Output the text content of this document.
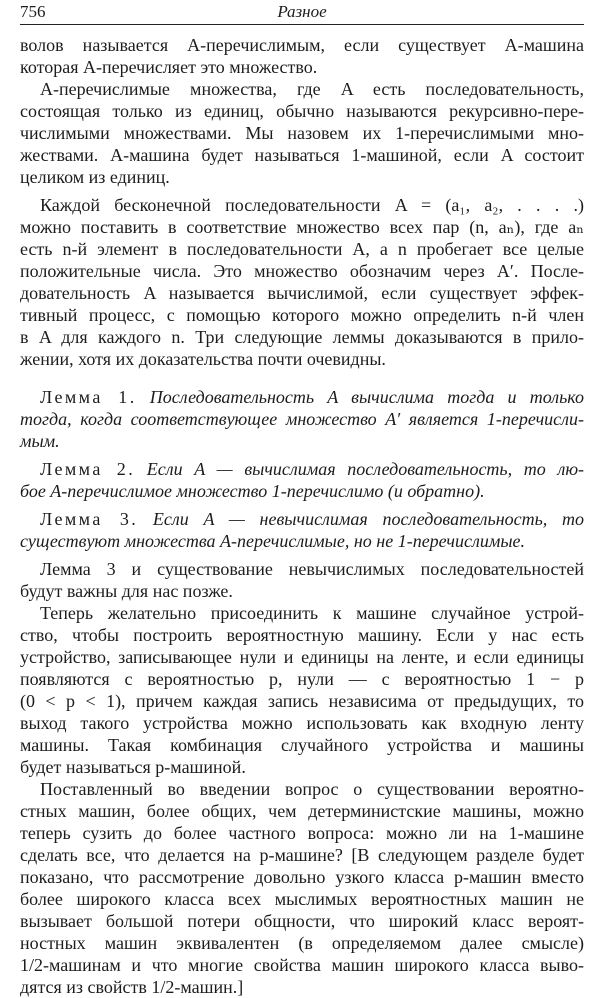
756	Разное
волов называется A-перечислимым, если существует A-машина
которая A-перечисляет это множество.
A-перечислимые множества, где A есть последовательность,
состоящая только из единиц, обычно называются рекурсивно-пере-
числимыми множествами. Мы назовем их 1-перечислимыми мно-
жествами. A-машина будет называться 1-машиной, если A состоит
целиком из единиц.
Каждой бесконечной последовательности A = (a₁, a₂, . . . .)
можно поставить в соответствие множество всех пар (n, aₙ), где aₙ
есть n-й элемент в последовательности A, а n пробегает все целые
положительные числа. Это множество обозначим через A′. После-
довательность A называется вычислимой, если существует эффек-
тивный процесс, с помощью которого можно определить n-й член
в A для каждого n. Три следующие леммы доказываются в прило-
жении, хотя их доказательства почти очевидны.
Лемма 1. Последовательность A вычислима тогда и только
тогда, когда соответствующее множество A′ является 1-перечисли-
мым.
Лемма 2. Если A — вычислимая последовательность, то лю-
бое A-перечислимое множество 1-перечислимо (и обратно).
Лемма 3. Если A — невычислимая последовательность, то
существуют множества A-перечислимые, но не 1-перечислимые.
Лемма 3 и существование невычислимых последовательностей
будут важны для нас позже.
Теперь желательно присоединить к машине случайное устрой-
ство, чтобы построить вероятностную машину. Если у нас есть
устройство, записывающее нули и единицы на ленте, и если единицы
появляются с вероятностью p, нули — с вероятностью 1 − p
(0 < p < 1), причем каждая запись независима от предыдущих, то
выход такого устройства можно использовать как входную ленту
машины. Такая комбинация случайного устройства и машины
будет называться p-машиной.
Поставленный во введении вопрос о существовании вероятно-
стных машин, более общих, чем детерминистские машины, можно
теперь сузить до более частного вопроса: можно ли на 1-машине
сделать все, что делается на p-машине? [В следующем разделе будет
показано, что рассмотрение довольно узкого класса p-машин вместо
более широкого класса всех мыслимых вероятностных машин не
вызывает большой потери общности, что широкий класс вероят-
ностных машин эквивалентен (в определяемом далее смысле)
1/2-машинам и что многие свойства машин широкого класса выво-
дятся из свойств 1/2-машин.]
